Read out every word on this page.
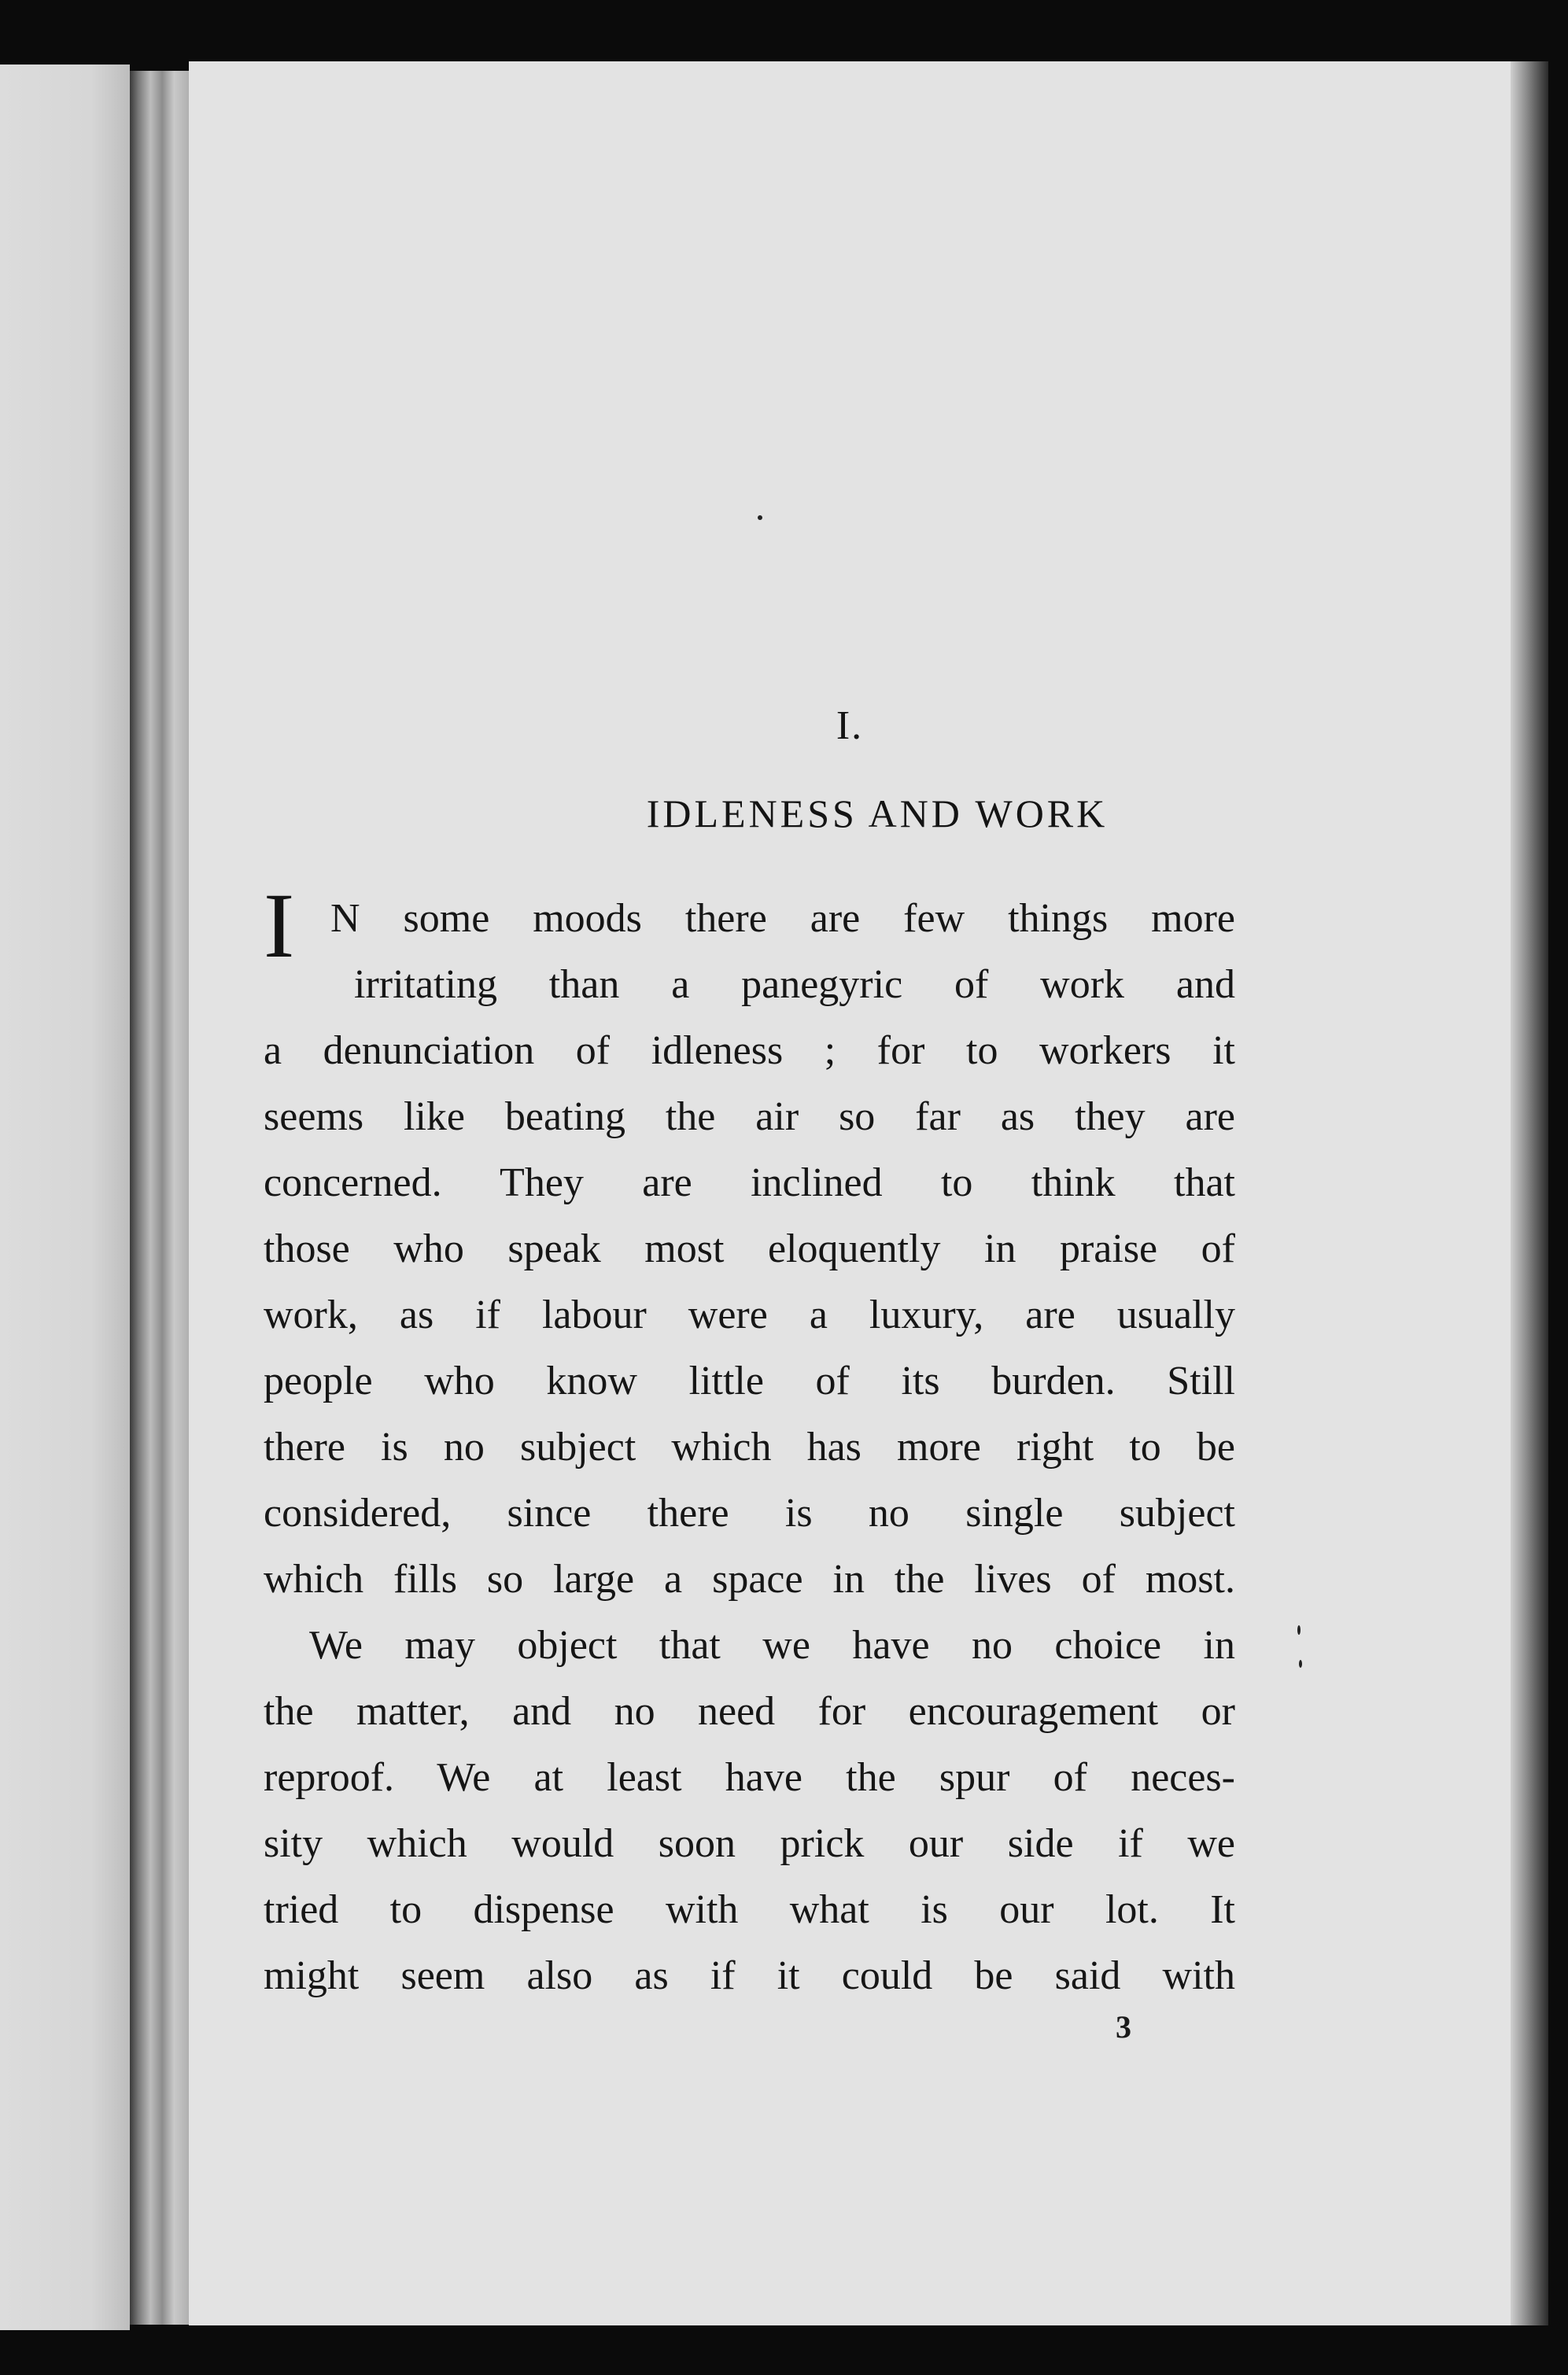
I.
IDLENESS AND WORK
I N some moods there are few things more
irritating than a panegyric of work and
a denunciation of idleness ; for to workers it
seems like beating the air so far as they are
concerned. They are inclined to think that
those who speak most eloquently in praise of
work, as if labour were a luxury, are usually
people who know little of its burden. Still
there is no subject which has more right to be
considered, since there is no single subject
which fills so large a space in the lives of most.
We may object that we have no choice in
the matter, and no need for encouragement or
reproof. We at least have the spur of neces-
sity which would soon prick our side if we
tried to dispense with what is our lot. It
might seem also as if it could be said with
3
